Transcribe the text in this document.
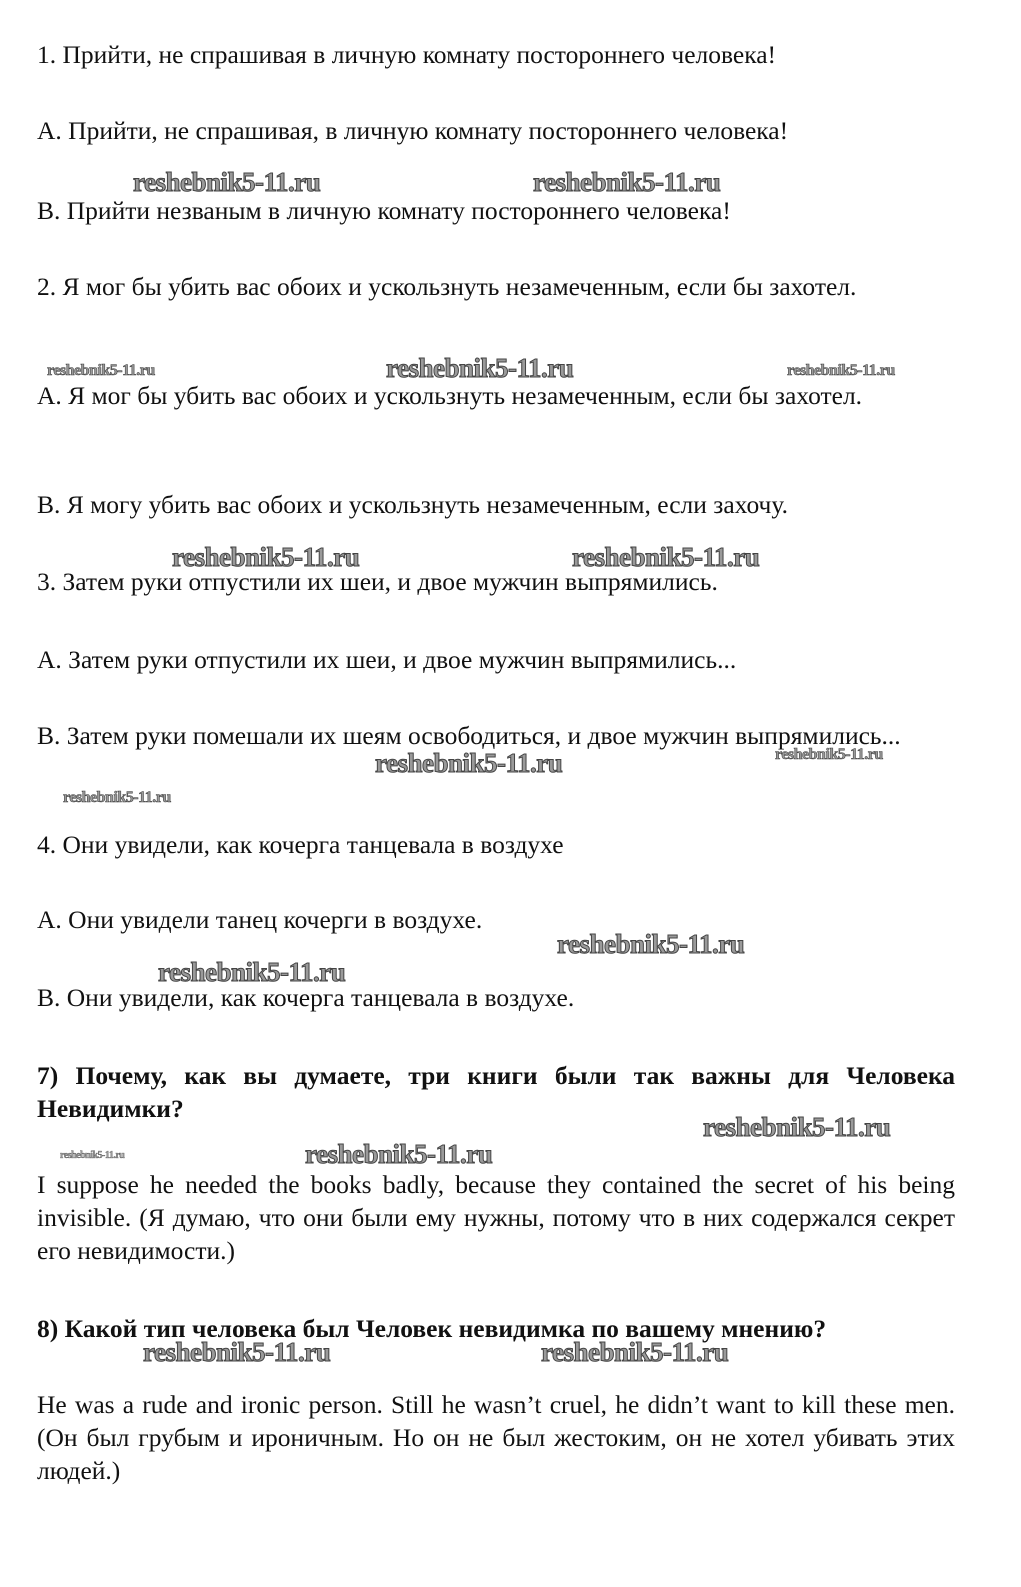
1. Прийти, не спрашивая в личную комнату постороннего человека!
А. Прийти, не спрашивая, в личную комнату постороннего человека!
В. Прийти незваным в личную комнату постороннего человека!
2. Я мог бы убить вас обоих и ускользнуть незамеченным, если бы захотел.
А. Я мог бы убить вас обоих и ускользнуть незамеченным, если бы захотел.
В. Я могу убить вас обоих и ускользнуть незамеченным, если захочу.
3. Затем руки отпустили их шеи, и двое мужчин выпрямились.
А. Затем руки отпустили их шеи, и двое мужчин выпрямились...
В. Затем руки помешали их шеям освободиться, и двое мужчин выпрямились...
4. Они увидели, как кочерга танцевала в воздухе
А. Они увидели танец кочерги в воздухе.
В. Они увидели, как кочерга танцевала в воздухе.
7) Почему, как вы думаете, три книги были так важны для Человека Невидимки?
I suppose he needed the books badly, because they contained the secret of his being invisible. (Я думаю, что они были ему нужны, потому что в них содержался секрет его невидимости.)
8) Какой тип человека был Человек невидимка по вашему мнению?
He was a rude and ironic person. Still he wasn’t cruel, he didn’t want to kill these men. (Он был грубым и ироничным. Но он не был жестоким, он не хотел убивать этих людей.)
reshebnik5-11.ru	reshebnik5-11.ru
reshebnik5-11.ru	reshebnik5-11.ru	reshebnik5-11.ru
reshebnik5-11.ru	reshebnik5-11.ru
reshebnik5-11.ru	reshebnik5-11.ru
reshebnik5-11.ru
reshebnik5-11.ru
reshebnik5-11.ru
reshebnik5-11.ru
reshebnik5-11.ru	reshebnik5-11.ru
reshebnik5-11.ru	reshebnik5-11.ru
